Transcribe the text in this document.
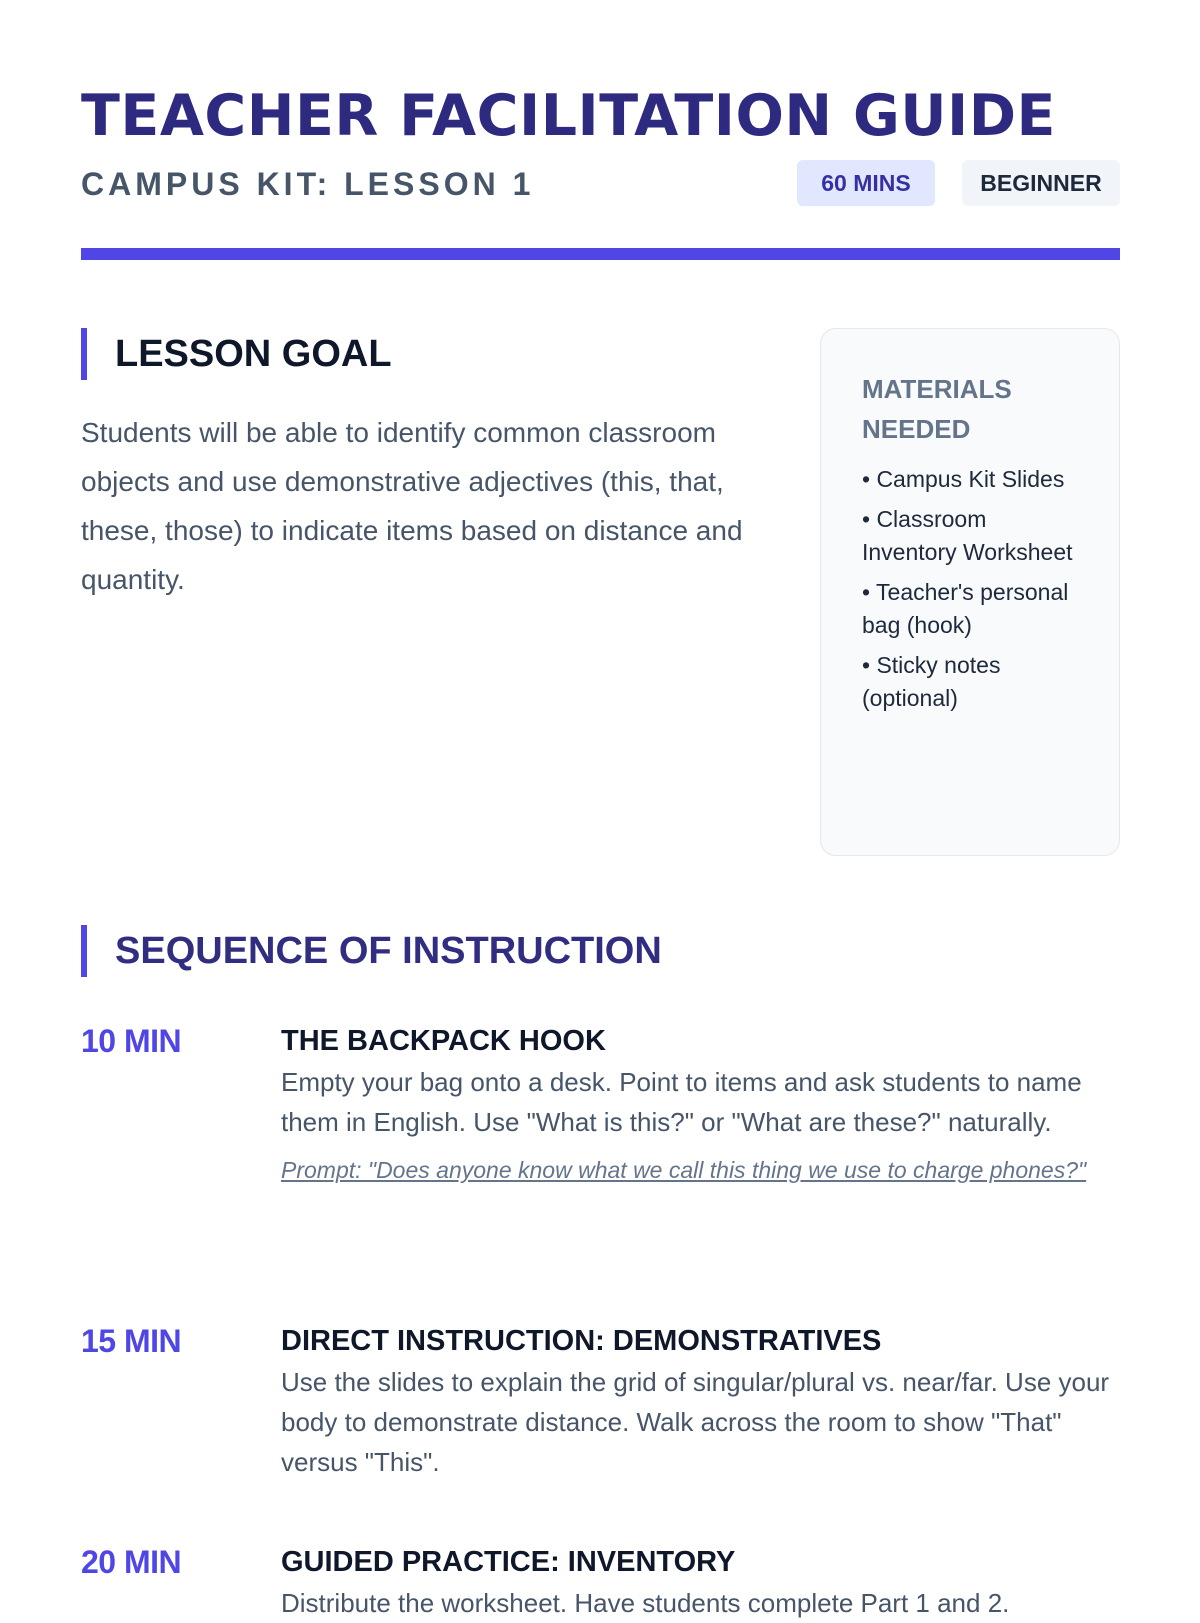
TEACHER FACILITATION GUIDE
CAMPUS KIT: LESSON 1	60 MINS	BEGINNER
LESSON GOAL

Students will be able to identify common classroom objects and use demonstrative adjectives (this, that, these, those) to indicate items based on distance and quantity.

MATERIALS NEEDED
• Campus Kit Slides
• Classroom Inventory Worksheet
• Teacher's personal bag (hook)
• Sticky notes (optional)
SEQUENCE OF INSTRUCTION
10 MIN	THE BACKPACK HOOK

Empty your bag onto a desk. Point to items and ask students to name them in English. Use "What is this?" or "What are these?" naturally.

Prompt: "Does anyone know what we call this thing we use to charge phones?"

15 MIN	DIRECT INSTRUCTION: DEMONSTRATIVES

Use the slides to explain the grid of singular/plural vs. near/far. Use your body to demonstrate distance. Walk across the room to show "That" versus "This".

20 MIN	GUIDED PRACTICE: INVENTORY

Distribute the worksheet. Have students complete Part 1 and 2.
